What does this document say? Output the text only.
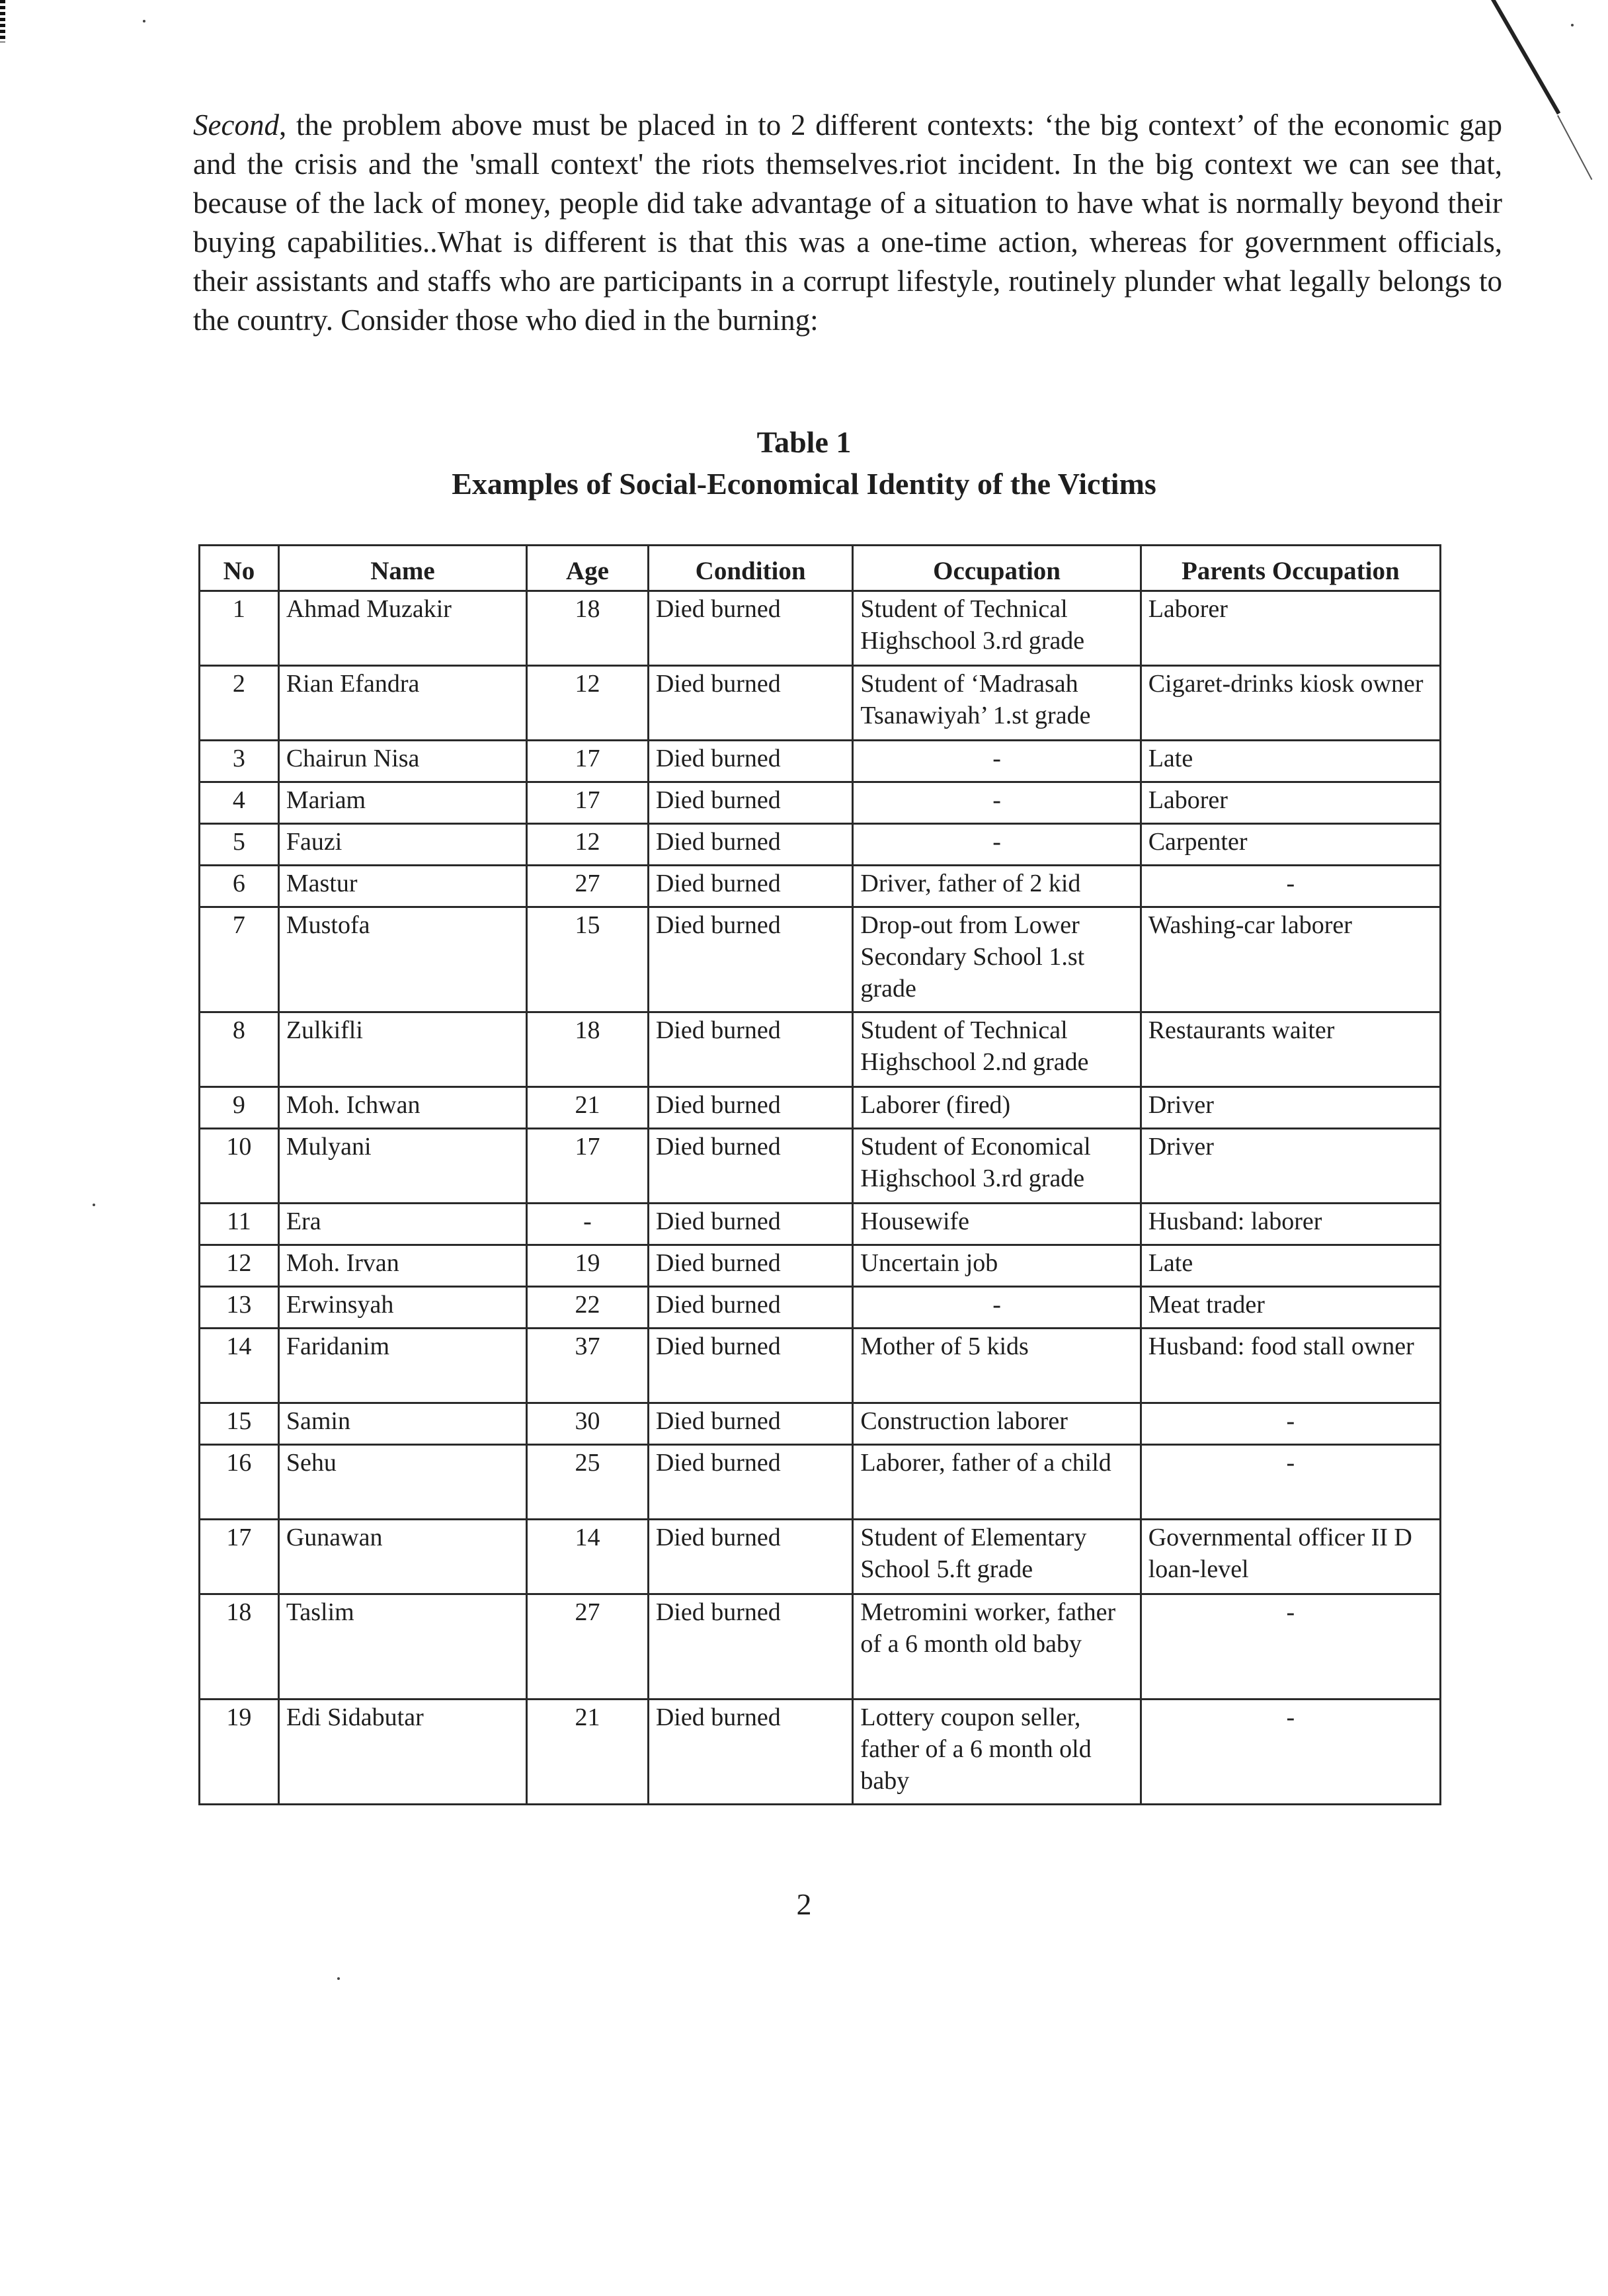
Second, the problem above must be placed in to 2 different contexts: ‘the big context’ of the economic gap and the crisis and the 'small context' the riots themselves.riot incident. In the big context we can see that, because of the lack of money, people did take advantage of a situation to have what is normally beyond their buying capabilities..What is different is that this was a one-time action, whereas for government officials, their assistants and staffs who are participants in a corrupt lifestyle, routinely plunder what legally belongs to the country. Consider those who died in the burning:

Table 1
Examples of Social-Economical Identity of the Victims
No	Name	Age	Condition	Occupation	Parents Occupation
1	Ahmad Muzakir	18	Died burned	Student of Technical Highschool 3.rd grade	Laborer
2	Rian Efandra	12	Died burned	Student of ‘Madrasah Tsanawiyah’ 1.st grade	Cigaret-drinks kiosk owner
3	Chairun Nisa	17	Died burned	-	Late
4	Mariam	17	Died burned	-	Laborer
5	Fauzi	12	Died burned	-	Carpenter
6	Mastur	27	Died burned	Driver, father of 2 kid	-
7	Mustofa	15	Died burned	Drop-out from Lower Secondary School 1.st grade	Washing-car laborer
8	Zulkifli	18	Died burned	Student of Technical Highschool 2.nd grade	Restaurants waiter
9	Moh. Ichwan	21	Died burned	Laborer (fired)	Driver
10	Mulyani	17	Died burned	Student of Economical Highschool 3.rd grade	Driver
11	Era	-	Died burned	Housewife	Husband: laborer
12	Moh. Irvan	19	Died burned	Uncertain job	Late
13	Erwinsyah	22	Died burned	-	Meat trader
14	Faridanim	37	Died burned	Mother of 5 kids	Husband: food stall owner
15	Samin	30	Died burned	Construction laborer	-
16	Sehu	25	Died burned	Laborer, father of a child	-
17	Gunawan	14	Died burned	Student of Elementary School 5.ft grade	Governmental officer II D loan-level
18	Taslim	27	Died burned	Metromini worker, father of a 6 month old baby	-
19	Edi Sidabutar	21	Died burned	Lottery coupon seller, father of a 6 month old baby	-
2
